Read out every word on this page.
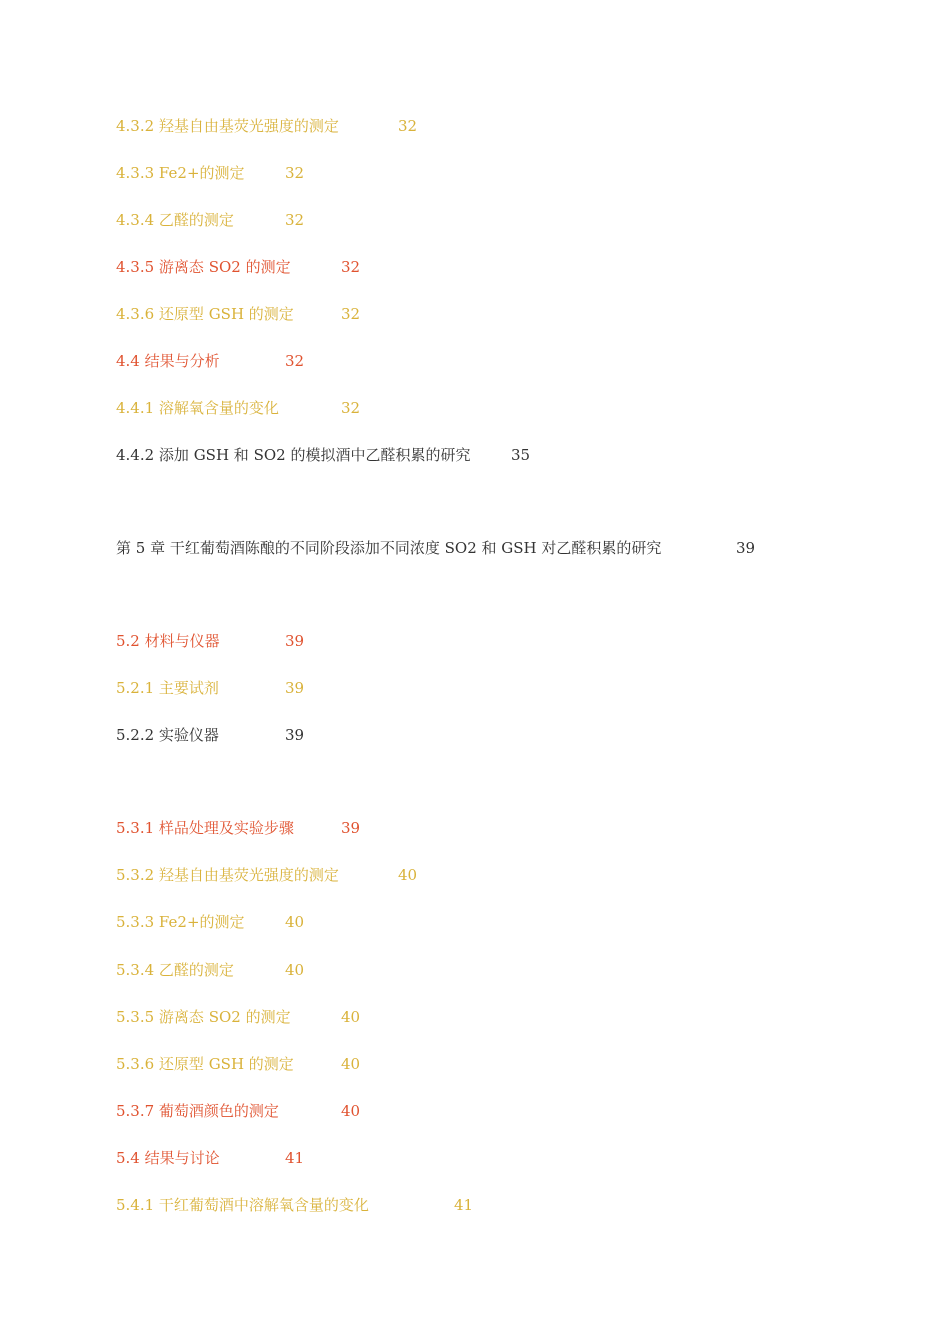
4.3.2 羟基自由基荧光强度的测定	32
4.3.3 Fe2+的测定	32
4.3.4 乙醛的测定	32
4.3.5 游离态 SO2 的测定	32
4.3.6 还原型 GSH 的测定	32
4.4 结果与分析	32
4.4.1 溶解氧含量的变化	32
4.4.2 添加 GSH 和 SO2 的模拟酒中乙醛积累的研究	35
第 5 章 干红葡萄酒陈酿的不同阶段添加不同浓度 SO2 和 GSH 对乙醛积累的研究	39
5.2 材料与仪器	39
5.2.1 主要试剂	39
5.2.2 实验仪器	39
5.3.1 样品处理及实验步骤	39
5.3.2 羟基自由基荧光强度的测定	40
5.3.3 Fe2+的测定	40
5.3.4 乙醛的测定	40
5.3.5 游离态 SO2 的测定	40
5.3.6 还原型 GSH 的测定	40
5.3.7 葡萄酒颜色的测定	40
5.4 结果与讨论	41
5.4.1 干红葡萄酒中溶解氧含量的变化	41
